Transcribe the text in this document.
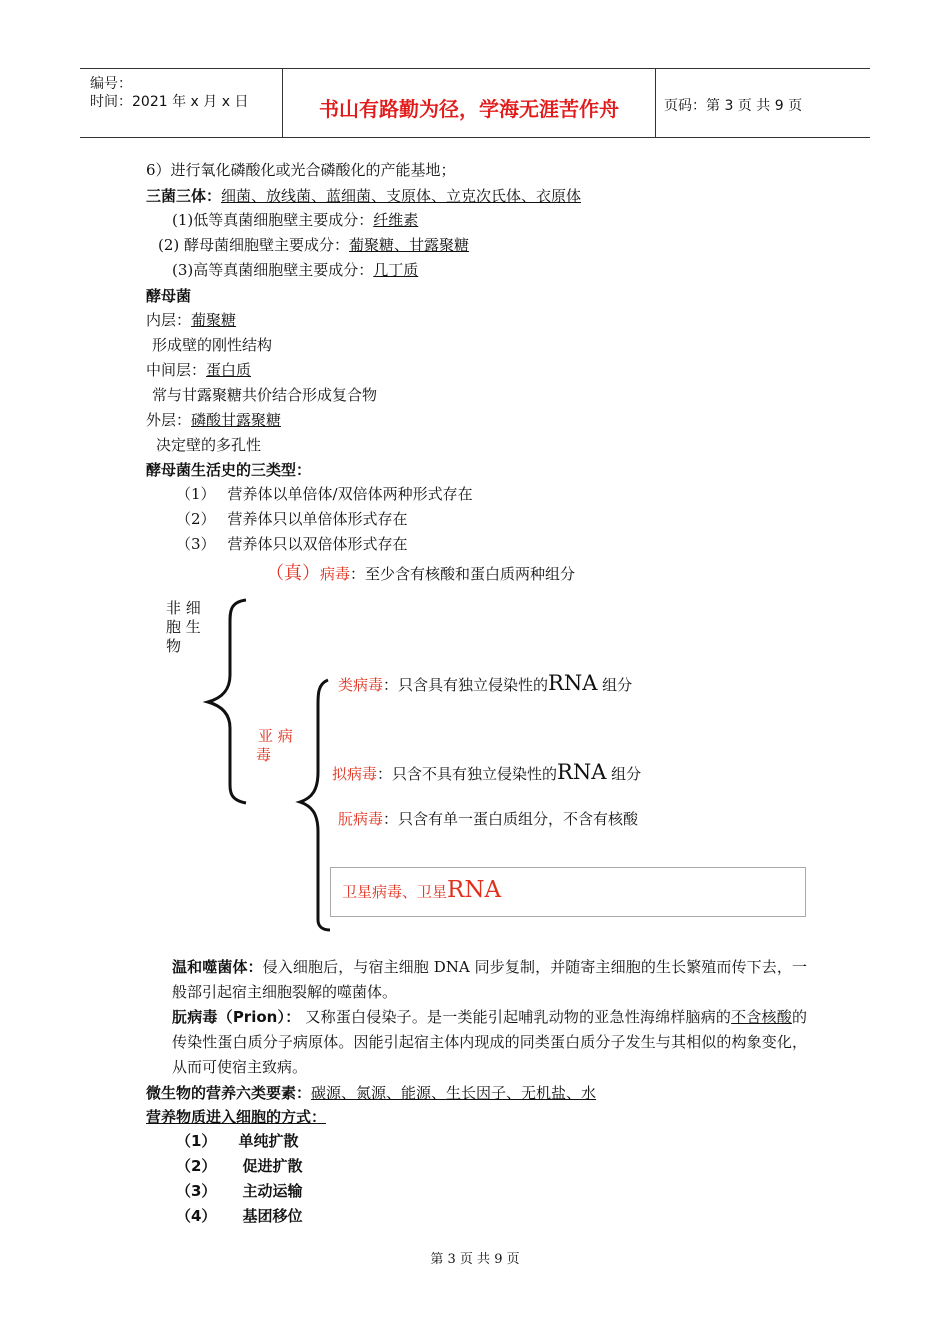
编号：
时间：2021 年 x 月 x 日	书山有路勤为径，学海无涯苦作舟	页码：第 3 页 共 9 页
6）进行氧化磷酸化或光合磷酸化的产能基地；
三菌三体：细菌、放线菌、蓝细菌、支原体、立克次氏体、衣原体
(1)低等真菌细胞壁主要成分：纤维素
(2) 酵母菌细胞壁主要成分：葡聚糖、甘露聚糖
(3)高等真菌细胞壁主要成分：几丁质
酵母菌
内层：葡聚糖
形成壁的刚性结构
中间层：蛋白质
常与甘露聚糖共价结合形成复合物
外层：磷酸甘露聚糖
决定壁的多孔性
酵母菌生活史的三类型：
（1） 营养体以单倍体/双倍体两种形式存在
（2） 营养体只以单倍体形式存在
（3） 营养体只以双倍体形式存在
（真）病毒：至少含有核酸和蛋白质两种组分
非 细
胞 生
物
亚 病
毒
类病毒：只含具有独立侵染性的RNA 组分
拟病毒：只含不具有独立侵染性的RNA 组分
朊病毒：只含有单一蛋白质组分，不含有核酸
卫星病毒、卫星RNA
温和噬菌体：侵入细胞后，与宿主细胞 DNA 同步复制，并随寄主细胞的生长繁殖而传下去，一般部引起宿主细胞裂解的噬菌体。
朊病毒（Prion）： 又称蛋白侵染子。是一类能引起哺乳动物的亚急性海绵样脑病的不含核酸的传染性蛋白质分子病原体。因能引起宿主体内现成的同类蛋白质分子发生与其相似的构象变化，从而可使宿主致病。
微生物的营养六类要素：碳源、氮源、能源、生长因子、无机盐、水
营养物质进入细胞的方式：
（1） 单纯扩散
（2） 促进扩散
（3） 主动运输
（4） 基团移位
第 3 页 共 9 页
